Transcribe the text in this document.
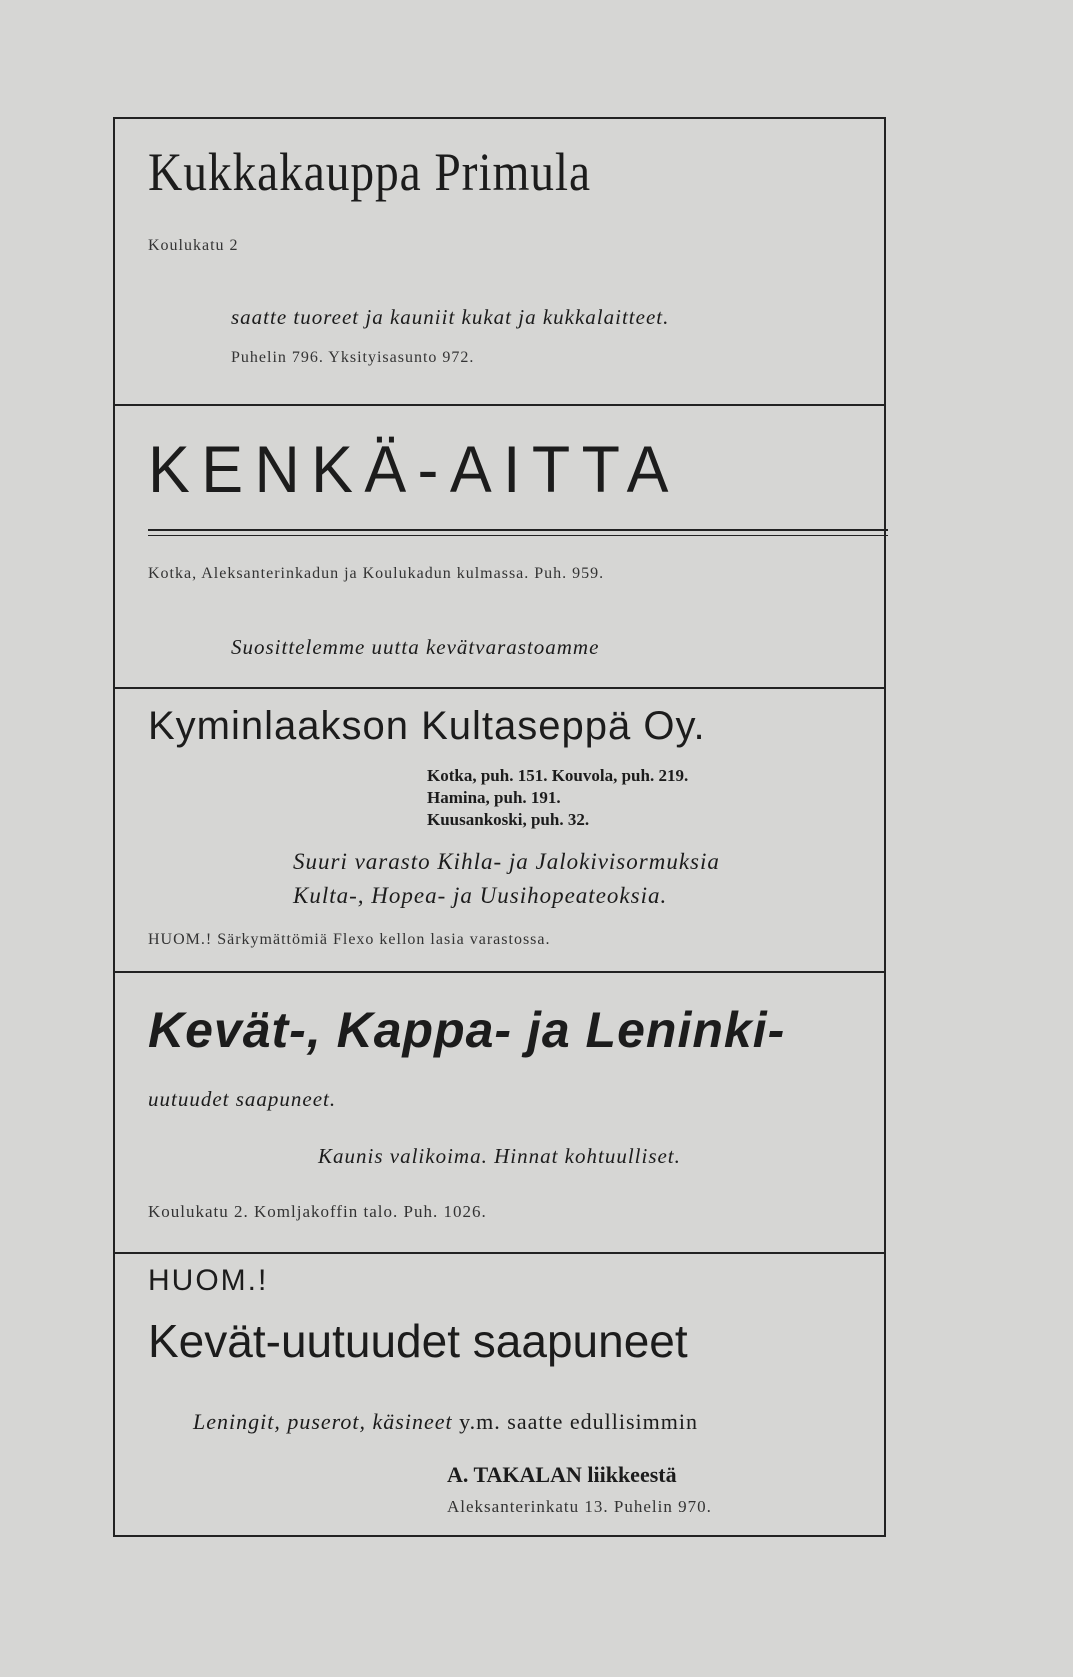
Kukkakauppa Primula
Koulukatu 2
saatte tuoreet ja kauniit kukat ja kukkalaitteet.
Puhelin 796. Yksityisasunto 972.
KENKÄ-AITTA
Kotka, Aleksanterinkadun ja Koulukadun kulmassa. Puh. 959.
Suosittelemme uutta kevätvarastoamme
Kyminlaakson Kultaseppä Oy.
Kotka, puh. 151. Kouvola, puh. 219.
Hamina, puh. 191.
Kuusankoski, puh. 32.
Suuri varasto Kihla- ja Jalokivisormuksia
Kulta-, Hopea- ja Uusihopeateoksia.
HUOM.! Särkymättömiä Flexo kellon lasia varastossa.
Kevät-, Kappa- ja Leninki-
uutuudet saapuneet.
Kaunis valikoima. Hinnat kohtuulliset.
Koulukatu 2. Komljakoffin talo. Puh. 1026.
HUOM.!
Kevät-uutuudet saapuneet
Leningit, puserot, käsineet y.m. saatte edullisimmin
A. TAKALAN liikkeestä
Aleksanterinkatu 13. Puhelin 970.
